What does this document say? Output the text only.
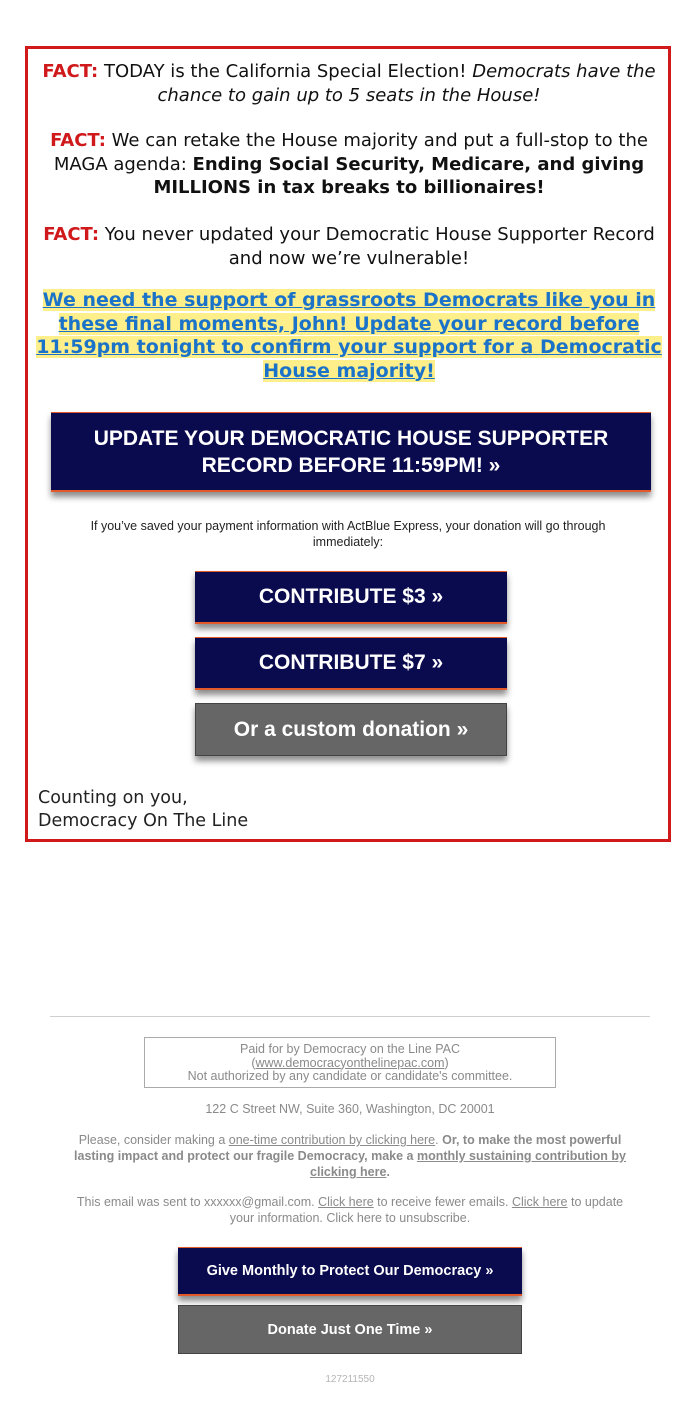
FACT: TODAY is the California Special Election! Democrats have the chance to gain up to 5 seats in the House!
FACT: We can retake the House majority and put a full-stop to the MAGA agenda: Ending Social Security, Medicare, and giving MILLIONS in tax breaks to billionaires!
FACT: You never updated your Democratic House Supporter Record and now we’re vulnerable!
We need the support of grassroots Democrats like you in these final moments, John! Update your record before 11:59pm tonight to confirm your support for a Democratic House majority!
UPDATE YOUR DEMOCRATIC HOUSE SUPPORTER RECORD BEFORE 11:59PM! »
If you’ve saved your payment information with ActBlue Express, your donation will go through immediately:
CONTRIBUTE $3 »
CONTRIBUTE $7 »
Or a custom donation »
Counting on you,
Democracy On The Line
Paid for by Democracy on the Line PAC
(www.democracyonthelinepac.com)
Not authorized by any candidate or candidate's committee.
122 C Street NW, Suite 360, Washington, DC 20001
Please, consider making a one-time contribution by clicking here. Or, to make the most powerful lasting impact and protect our fragile Democracy, make a monthly sustaining contribution by clicking here.
This email was sent to xxxxxx@gmail.com. Click here to receive fewer emails. Click here to update your information. Click here to unsubscribe.
Give Monthly to Protect Our Democracy »
Donate Just One Time »
127211550
